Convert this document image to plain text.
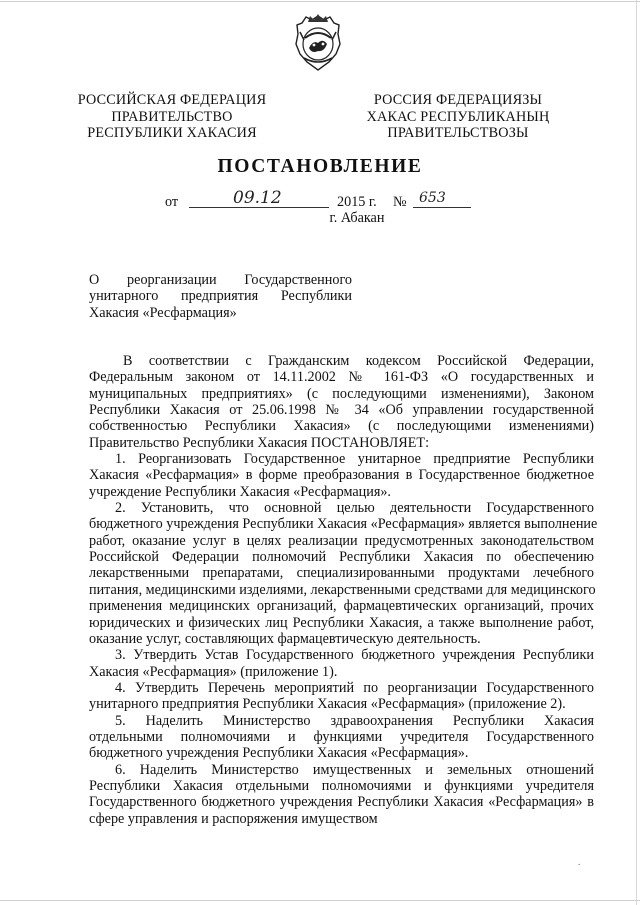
РОССИЙСКАЯ ФЕДЕРАЦИЯ
ПРАВИТЕЛЬСТВО
РЕСПУБЛИКИ ХАКАСИЯ
РОССИЯ ФЕДЕРАЦИЯЗЫ
ХАКАС РЕСПУБЛИКАНЫҢ
ПРАВИТЕЛЬСТВОЗЫ
ПОСТАНОВЛЕНИЕ
от	09.12	2015 г. № 653
г. Абакан
О реорганизации Государственного
унитарного предприятия Республики
Хакасия «Ресфармация»
В соответствии с Гражданским кодексом Российской Федерации,
Федеральным законом от 14.11.2002 № 161-ФЗ «О государственных и
муниципальных предприятиях» (с последующими изменениями), Законом
Республики Хакасия от 25.06.1998 № 34 «Об управлении государственной
собственностью Республики Хакасия» (с последующими изменениями)
Правительство Республики Хакасия ПОСТАНОВЛЯЕТ:
1. Реорганизовать Государственное унитарное предприятие Республики
Хакасия «Ресфармация» в форме преобразования в Государственное бюджетное
учреждение Республики Хакасия «Ресфармация».
2. Установить, что основной целью деятельности Государственного
бюджетного учреждения Республики Хакасия «Ресфармация» является выполнение
работ, оказание услуг в целях реализации предусмотренных законодательством
Российской Федерации полномочий Республики Хакасия по обеспечению
лекарственными препаратами, специализированными продуктами лечебного
питания, медицинскими изделиями, лекарственными средствами для медицинского
применения медицинских организаций, фармацевтических организаций, прочих
юридических и физических лиц Республики Хакасия, а также выполнение работ,
оказание услуг, составляющих фармацевтическую деятельность.
3. Утвердить Устав Государственного бюджетного учреждения Республики
Хакасия «Ресфармация» (приложение 1).
4. Утвердить Перечень мероприятий по реорганизации Государственного
унитарного предприятия Республики Хакасия «Ресфармация» (приложение 2).
5. Наделить Министерство здравоохранения Республики Хакасия
отдельными полномочиями и функциями учредителя Государственного
бюджетного учреждения Республики Хакасия «Ресфармация».
6. Наделить Министерство имущественных и земельных отношений
Республики Хакасия отдельными полномочиями и функциями учредителя
Государственного бюджетного учреждения Республики Хакасия «Ресфармация» в
сфере управления и распоряжения имуществом
.
